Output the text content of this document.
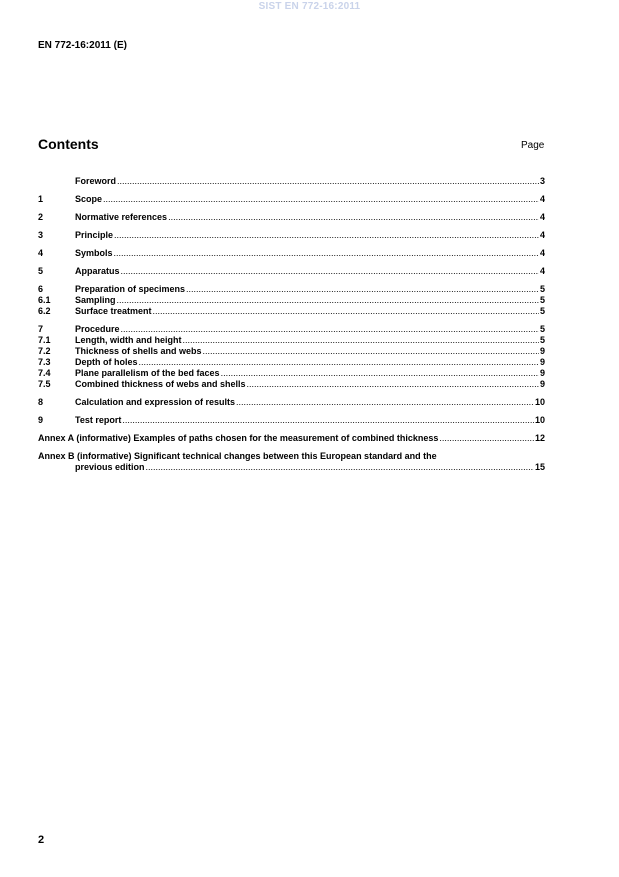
SIST EN 772-16:2011
EN 772-16:2011 (E)
Contents	Page
Foreword .....	3
1	Scope .....	4
2	Normative references .....	4
3	Principle .....	4
4	Symbols .....	4
5	Apparatus .....	4
6	Preparation of specimens .....	5
6.1	Sampling .....	5
6.2	Surface treatment .....	5
7	Procedure .....	5
7.1	Length, width and height .....	5
7.2	Thickness of shells and webs .....	9
7.3	Depth of holes .....	9
7.4	Plane parallelism of the bed faces .....	9
7.5	Combined thickness of webs and shells .....	9
8	Calculation and expression of results .....	10
9	Test report .....	10
Annex A (informative) Examples of paths chosen for the measurement of combined thickness .....	12
Annex B (informative) Significant technical changes between this European standard and the
previous edition .....	15
2
